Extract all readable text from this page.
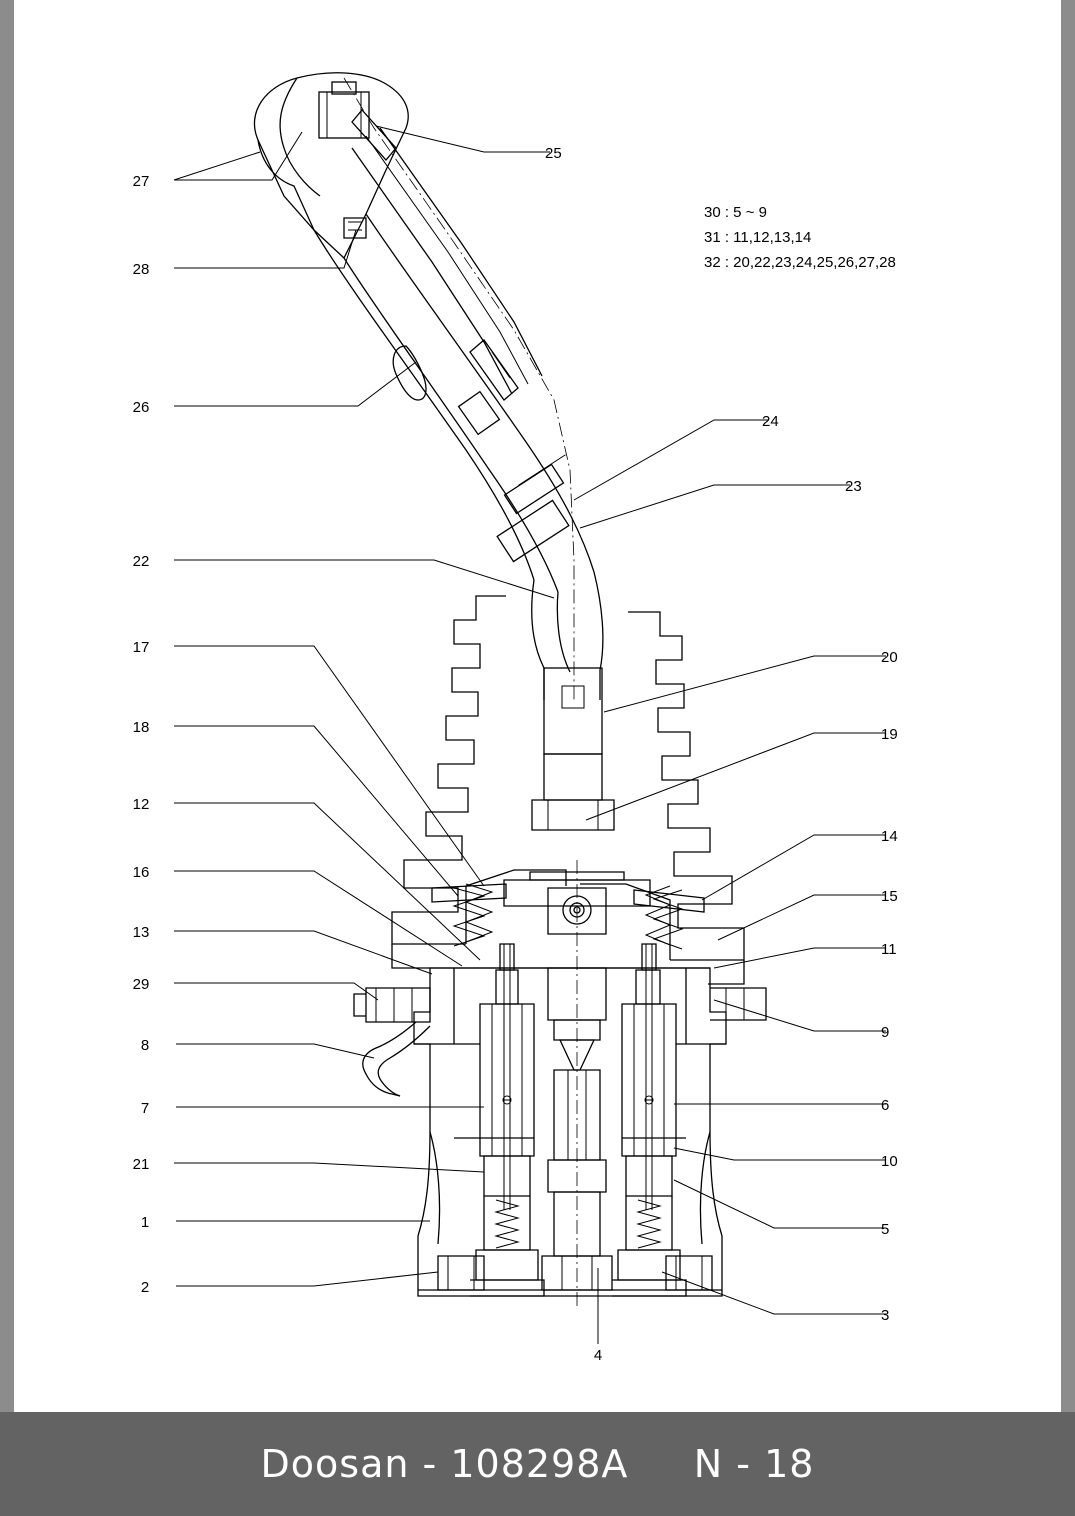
30 : 5 ~ 9
31 : 11,12,13,14
32 : 20,22,23,24,25,26,27,28
27
28
26
22
17
18
12
16
13
29
8
7
21
1
2
25
24
23
20
19
14
15
11
9
6
10
5
3
4
Doosan - 108298A     N - 18
